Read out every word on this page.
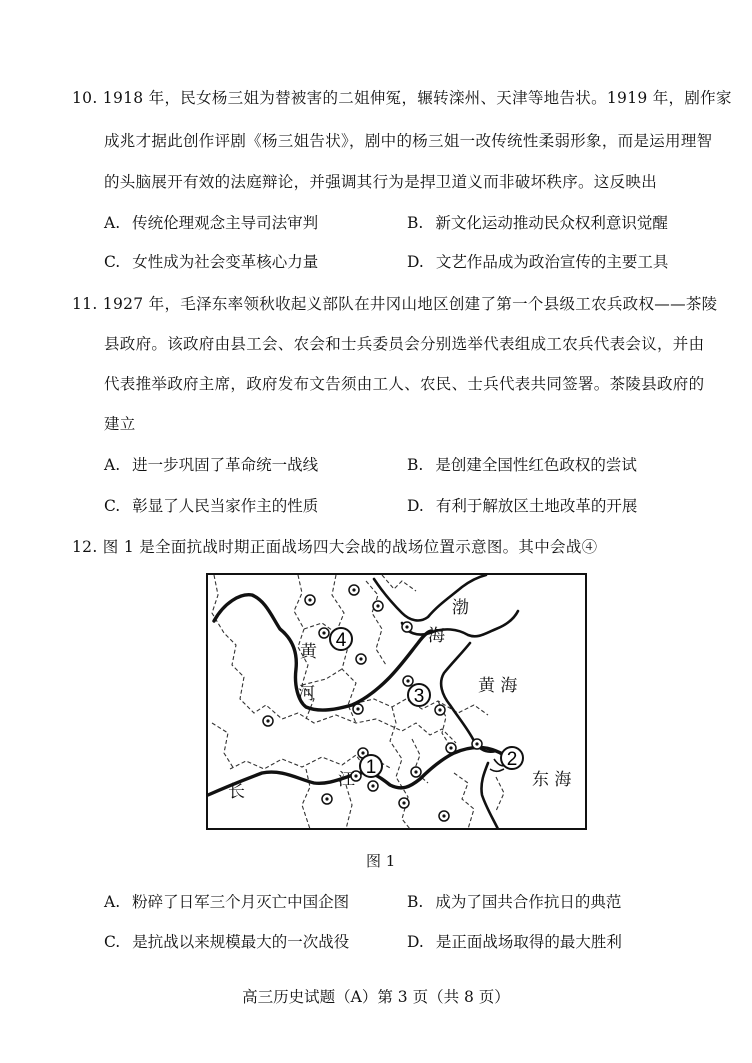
10. 1918 年，民女杨三姐为替被害的二姐伸冤，辗转滦州、天津等地告状。1919 年，剧作家
成兆才据此创作评剧《杨三姐告状》，剧中的杨三姐一改传统性柔弱形象，而是运用理智
的头脑展开有效的法庭辩论，并强调其行为是捍卫道义而非破坏秩序。这反映出
A. 传统伦理观念主导司法审判	B. 新文化运动推动民众权利意识觉醒
C. 女性成为社会变革核心力量	D. 文艺作品成为政治宣传的主要工具
11. 1927 年，毛泽东率领秋收起义部队在井冈山地区创建了第一个县级工农兵政权——茶陵
县政府。该政府由县工会、农会和士兵委员会分别选举代表组成工农兵代表会议，并由
代表推举政府主席，政府发布文告须由工人、农民、士兵代表共同签署。茶陵县政府的
建立
A. 进一步巩固了革命统一战线	B. 是创建全国性红色政权的尝试
C. 彰显了人民当家作主的性质	D. 有利于解放区土地改革的开展
12. 图 1 是全面抗战时期正面战场四大会战的战场位置示意图。其中会战④
1	2
3
4
黄
河
渤
海
黄 海
长
江	东 海
图 1
A. 粉碎了日军三个月灭亡中国企图	B. 成为了国共合作抗日的典范
C. 是抗战以来规模最大的一次战役	D. 是正面战场取得的最大胜利
高三历史试题（A）第 3 页（共 8 页）
